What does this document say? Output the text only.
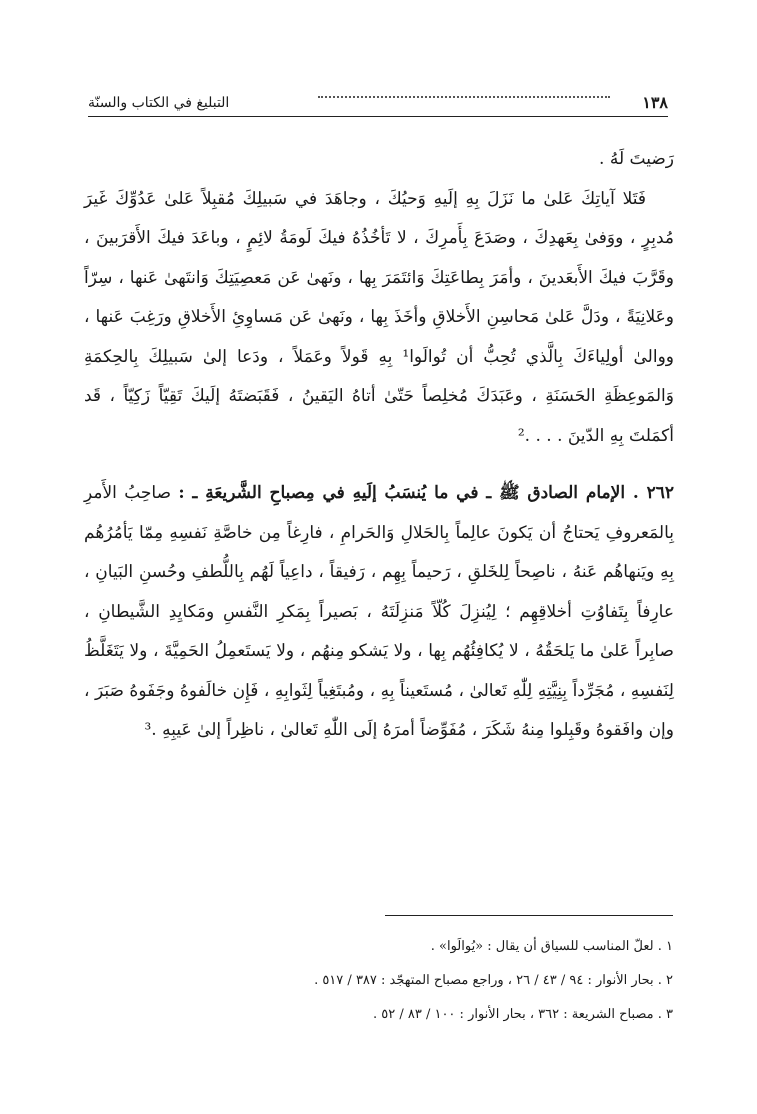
١٣٨
التبليغ في الكتاب والسنّة

رَضيتَ لَهُ .

فَتَلا آياتِكَ عَلىٰ ما نَزَلَ بِهِ إلَيهِ وَحيُكَ ، وجاهَدَ في سَبيلِكَ مُقبِلاً عَلىٰ عَدُوِّكَ غَيرَ مُدبِرٍ ، ووَفىٰ بِعَهدِكَ ، وصَدَعَ بِأَمرِكَ ، لا تَأخُذُهُ فيكَ لَومَةُ لائِمٍ ، وباعَدَ فيكَ الأَقرَبينَ ، وقَرَّبَ فيكَ الأَبعَدينَ ، وأمَرَ بِطاعَتِكَ وَائتَمَرَ بِها ، ونَهىٰ عَن مَعصِيَتِكَ وَانتَهىٰ عَنها ، سِرّاً وعَلانِيَةً ، ودَلَّ عَلىٰ مَحاسِنِ الأَخلاقِ وأخَذَ بِها ، ونَهىٰ عَن مَساوِئِ الأَخلاقِ ورَغِبَ عَنها ، ووالىٰ أولِياءَكَ بِالَّذي تُحِبُّ أن تُوالَوا¹ بِهِ قَولاً وعَمَلاً ، ودَعا إلىٰ سَبيلِكَ بِالحِكمَةِ وَالمَوعِظَةِ الحَسَنَةِ ، وعَبَدَكَ مُخلِصاً حَتّىٰ أتاهُ اليَقينُ ، فَقَبَضتَهُ إلَيكَ تَقِيّاً زَكِيّاً ، قَد أكمَلتَ بِهِ الدّينَ . . . .²

٢٦٢ . الإمام الصادق ﷺ ـ في ما يُنسَبُ إلَيهِ في مِصباحِ الشَّريعَةِ ـ : صاحِبُ الأَمرِ بِالمَعروفِ يَحتاجُ أن يَكونَ عالِماً بِالحَلالِ وَالحَرامِ ، فارِغاً مِن خاصَّةِ نَفسِهِ مِمّا يَأمُرُهُم بِهِ ويَنهاهُم عَنهُ ، ناصِحاً لِلخَلقِ ، رَحيماً بِهِم ، رَفيقاً ، داعِياً لَهُم بِاللُّطفِ وحُسنِ البَيانِ ، عارِفاً بِتَفاوُتِ أخلاقِهِم ؛ لِيُنزِلَ كُلّاً مَنزِلَتَهُ ، بَصيراً بِمَكرِ النَّفسِ ومَكايِدِ الشَّيطانِ ، صابِراً عَلىٰ ما يَلحَقُهُ ، لا يُكافِئُهُم بِها ، ولا يَشكو مِنهُم ، ولا يَستَعمِلُ الحَمِيَّةَ ، ولا يَتَغَلَّظُ لِنَفسِهِ ، مُجَرِّداً بِنِيَّتِهِ لِلّٰهِ تَعالىٰ ، مُستَعيناً بِهِ ، ومُبتَغِياً لِثَوابِهِ ، فَإِن خالَفوهُ وجَفَوهُ صَبَرَ ، وإن وافَقوهُ وقَبِلوا مِنهُ شَكَرَ ، مُفَوِّضاً أمرَهُ إلَى اللّٰهِ تَعالىٰ ، ناظِراً إلىٰ عَيبِهِ .³

١ . لعلّ المناسب للسياق أن يقال : «يُوالَوا» .
٢ . بحار الأنوار : ٩٤ / ٤٣ / ٢٦ ، وراجع مصباح المتهجّد : ٣٨٧ / ٥١٧ .
٣ . مصباح الشريعة : ٣٦٢ ، بحار الأنوار : ١٠٠ / ٨٣ / ٥٢ .
